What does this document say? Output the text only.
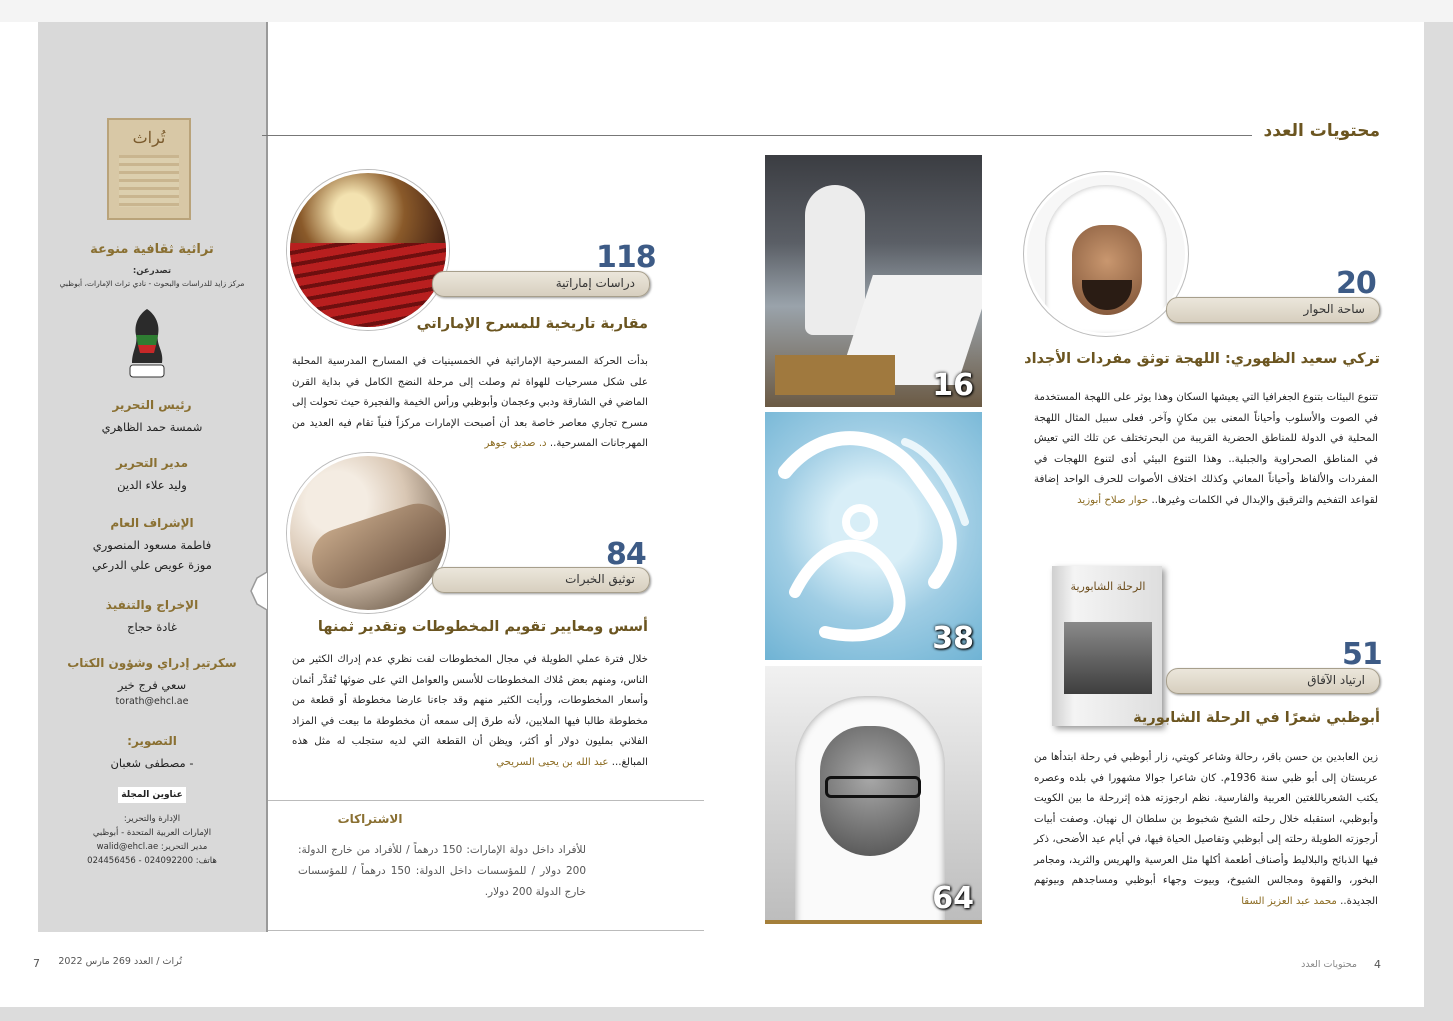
تُراث
تراثية ثقافية منوعة
تصدرعن:
مركز زايد للدراسات والبحوث - نادي تراث الإمارات، أبوظبي
رئيس التحرير
شمسة حمد الظاهري
مدير التحرير
وليد علاء الدين
الإشراف العام
فاطمة مسعود المنصوري
موزة عويص علي الدرعي
الإخراج والتنفيذ
غادة حجاج
سكرتير إدراي وشؤون الكتاب
سعي فرج خير
torath@ehcl.ae
التصوير:
- مصطفى شعبان
عناوين المجلة
الإدارة والتحرير:
الإمارات العربية المتحدة - أبوظبي
مدير التحرير: walid@ehcl.ae
هاتف: 024092200 - 024456456
محتويات العدد
دراسات إماراتية
118
مقاربة تاريخية للمسرح الإماراتي
بدأت الحركة المسرحية الإماراتية في الخمسينيات في المسارح المدرسية المحلية على شكل مسرحيات للهواة ثم وصلت إلى مرحلة النضج الكامل في بداية القرن الماضي في الشارقة ودبي وعجمان وأبوظبي ورأس الخيمة والفجيرة حيث تحولت إلى مسرح تجاري معاصر خاصة بعد أن أصبحت الإمارات مركزاً فنياً تقام فيه العديد من المهرجانات المسرحية.. د. صديق جوهر
توثيق الخبرات
84
أسس ومعايير تقويم المخطوطات وتقدير ثمنها
خلال فترة عملي الطويلة في مجال المخطوطات لفت نظري عدم إدراك الكثير من الناس، ومنهم بعض مُلاك المخطوطات للأسس والعوامل التي على ضوئها تُقدَّر أثمان وأسعار المخطوطات، ورأيت الكثير منهم وقد جاءنا عارضا مخطوطة أو قطعة من مخطوطة طالبا فيها الملايين، لأنه طرق إلى سمعه أن مخطوطة ما بيعت في المزاد الفلاني بمليون دولار أو أكثر، ويظن أن القطعة التي لديه ستجلب له مثل هذه المبالغ... عبد الله بن يحيى السريحي
الاشتراكات
للأفراد داخل دولة الإمارات: 150 درهماً / للأفراد من خارج الدولة: 200 دولار / للمؤسسات داخل الدولة: 150 درهماً / للمؤسسات خارج الدولة 200 دولار.
16
38
64
ساحة الحوار
20
تركي سعيد الظهوري: اللهجة توثق مفردات الأجداد
تتنوع البيئات بتنوع الجغرافيا التي يعيشها السكان وهذا يوثر على اللهجة المستخدمة في الصوت والأسلوب وأحياناً المعنى بين مكانٍ وآخر. فعلى سبيل المثال اللهجة المحلية في الدولة للمناطق الحضرية القريبة من البحرتختلف عن تلك التي تعيش في المناطق الصحراوية والجبلية.. وهذا التنوع البيئي أدى لتنوع اللهجات في المفردات والألفاظ وأحياناً المعاني وكذلك اختلاف الأصوات للحرف الواحد إضافة لقواعد التفخيم والترقيق والإبدال في الكلمات وغيرها.. حوار صلاح أبوزيد
الرحلة الشابورية
ارتياد الآفاق
51
أبوظبي شعرًا في الرحلة الشابورية
زين العابدين بن حسن باقر، رحالة وشاعر كويتي، زار أبوظبي في رحلة ابتدأها من عربستان إلى أبو ظبي سنة 1936م. كان شاعرا جوالا مشهورا في بلده وعصره يكتب الشعرباللغتين العربية والفارسية. نظم ارجوزته هذه إثررحلة ما بين الكويت وأبوظبي، استقبله خلال رحلته الشيخ شخبوط بن سلطان ال نهيان. وصفت أبيات أرجوزته الطويلة رحلته إلى أبوظبي وتفاصيل الحياة فيها، في أيام عيد الأضحى، ذكر فيها الذبائح والبلاليط وأصناف أطعمة أكلها مثل العرسية والهريس والثريد، ومجامر البخور، والقهوة ومجالس الشيوخ، وبيوت وجهاء أبوظبي ومساجدهم وبيوتهم الجديدة.. محمد عبد العزيز السقا
7 تُراث / العدد 269 مارس 2022	محتويات العدد 4
